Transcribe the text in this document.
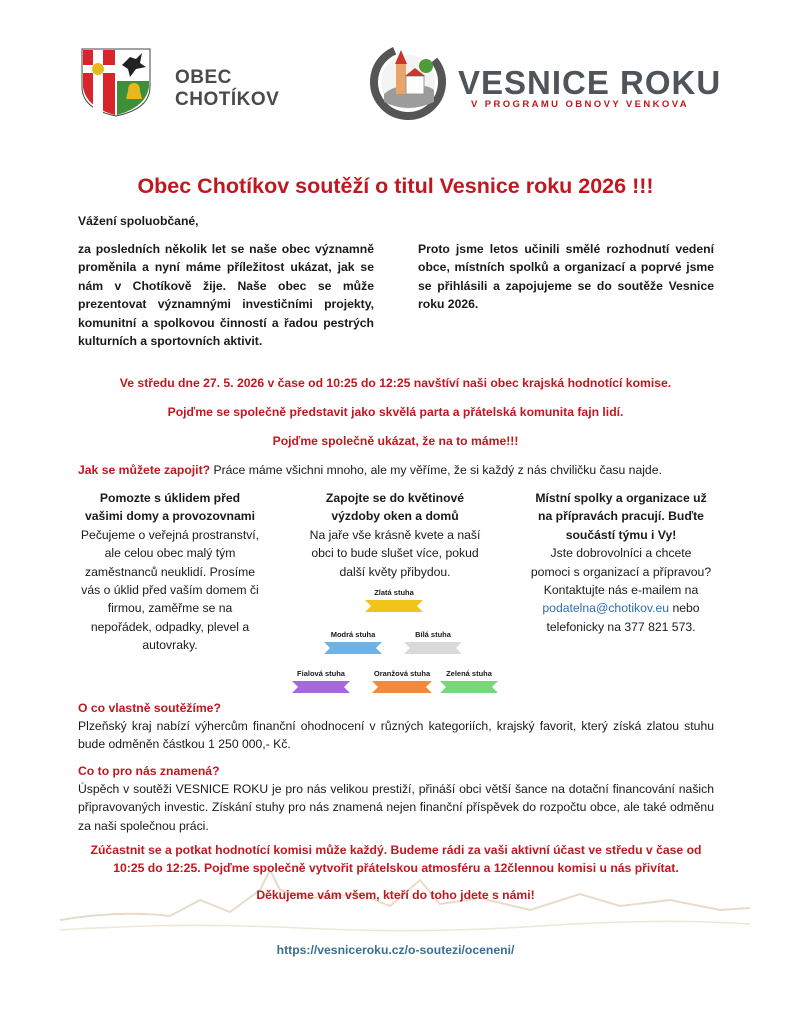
OBEC
CHOTÍKOV	VESNICE ROKU
V PROGRAMU OBNOVY VENKOVA
Obec Chotíkov soutěží o titul Vesnice roku 2026 !!!
Vážení spoluobčané,
za posledních několik let se naše obec významně proměnila a nyní máme příležitost ukázat, jak se nám v Chotíkově žije. Naše obec se může prezentovat významnými investičními projekty, komunitní a spolkovou činností a řadou pestrých kulturních a sportovních aktivit.
Proto jsme letos učinili smělé rozhodnutí vedení obce, místních spolků a organizací a poprvé jsme se přihlásili a zapojujeme se do soutěže Vesnice roku 2026.
Ve středu dne 27. 5. 2026 v čase od 10:25 do 12:25 navštíví naši obec krajská hodnotící komise.
Pojďme se společně představit jako skvělá parta a přátelská komunita fajn lidí.
Pojďme společně ukázat, že na to máme!!!
Jak se můžete zapojit? Práce máme všichni mnoho, ale my věříme, že si každý z nás chviličku času najde.
Pomozte s úklidem před vašimi domy a provozovnami
Pečujeme o veřejná prostranství, ale celou obec malý tým zaměstnanců neuklidí. Prosíme vás o úklid před vaším domem či firmou, zaměřme se na nepořádek, odpadky, plevel a autovraky.
Zapojte se do květinové výzdoby oken a domů
Na jaře vše krásně kvete a naší obci to bude slušet více, pokud další květy přibydou.
Místní spolky a organizace už na přípravách pracují. Buďte součástí týmu i Vy!
Jste dobrovolníci a chcete pomoci s organizací a přípravou? Kontaktujte nás e-mailem na podatelna@chotikov.eu nebo telefonicky na 377 821 573.
Zlatá stuha
Modrá stuha	Bílá stuha
Fialová stuha	Oranžová stuha	Zelená stuha
O co vlastně soutěžíme?
Plzeňský kraj nabízí výhercům finanční ohodnocení v různých kategoriích, krajský favorit, který získá zlatou stuhu bude odměněn částkou 1 250 000,- Kč.
Co to pro nás znamená?
Úspěch v soutěži VESNICE ROKU je pro nás velikou prestiží, přináší obci větší šance na dotační financování našich připravovaných investic. Získání stuhy pro nás znamená nejen finanční příspěvek do rozpočtu obce, ale také odměnu za naši společnou práci.
Zúčastnit se a potkat hodnotící komisi může každý. Budeme rádi za vaši aktivní účast ve středu v čase od 10:25 do 12:25. Pojďme společně vytvořit přátelskou atmosféru a 12člennou komisi u nás přivítat.
Děkujeme vám všem, kteří do toho jdete s námi!
https://vesniceroku.cz/o-soutezi/oceneni/
